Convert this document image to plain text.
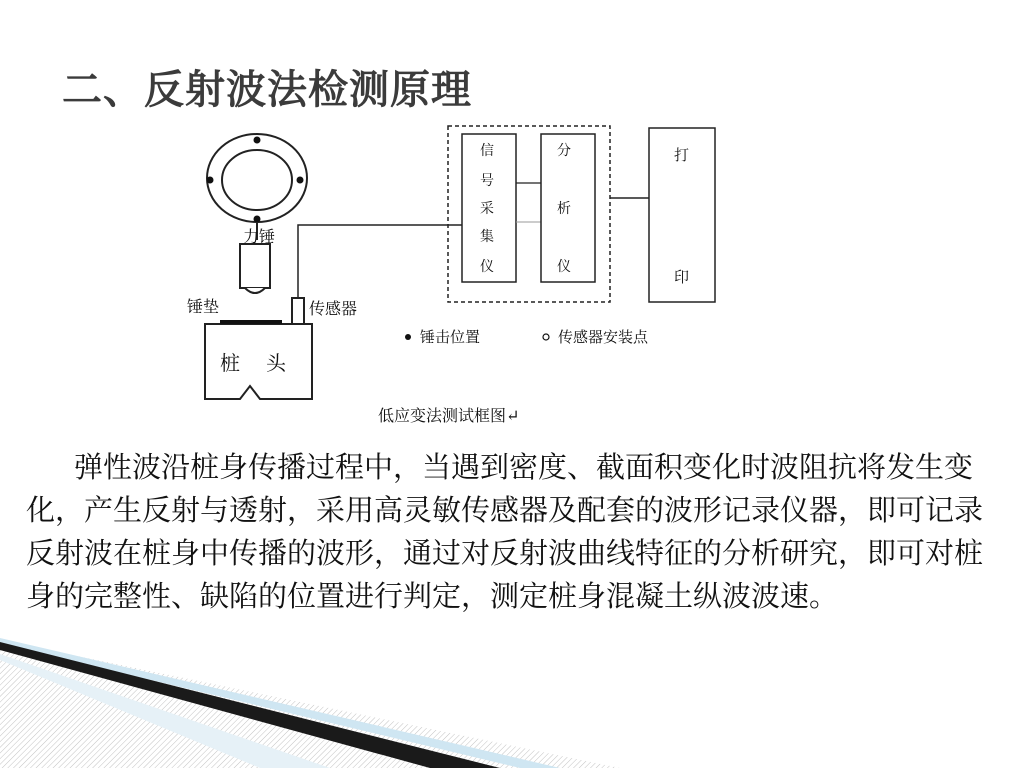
二、反射波法检测原理
力锤
锤垫	传感器
桩 头
信
号
采
集
仪
分
析
仪
打
印
锤击位置	传感器安装点
低应变法测试框图↵

弹性波沿桩身传播过程中，当遇到密度、截面积变化时波阻抗将发生变化，产生反射与透射，采用高灵敏传感器及配套的波形记录仪器，即可记录反射波在桩身中传播的波形，通过对反射波曲线特征的分析研究，即可对桩身的完整性、缺陷的位置进行判定，测定桩身混凝土纵波波速。
